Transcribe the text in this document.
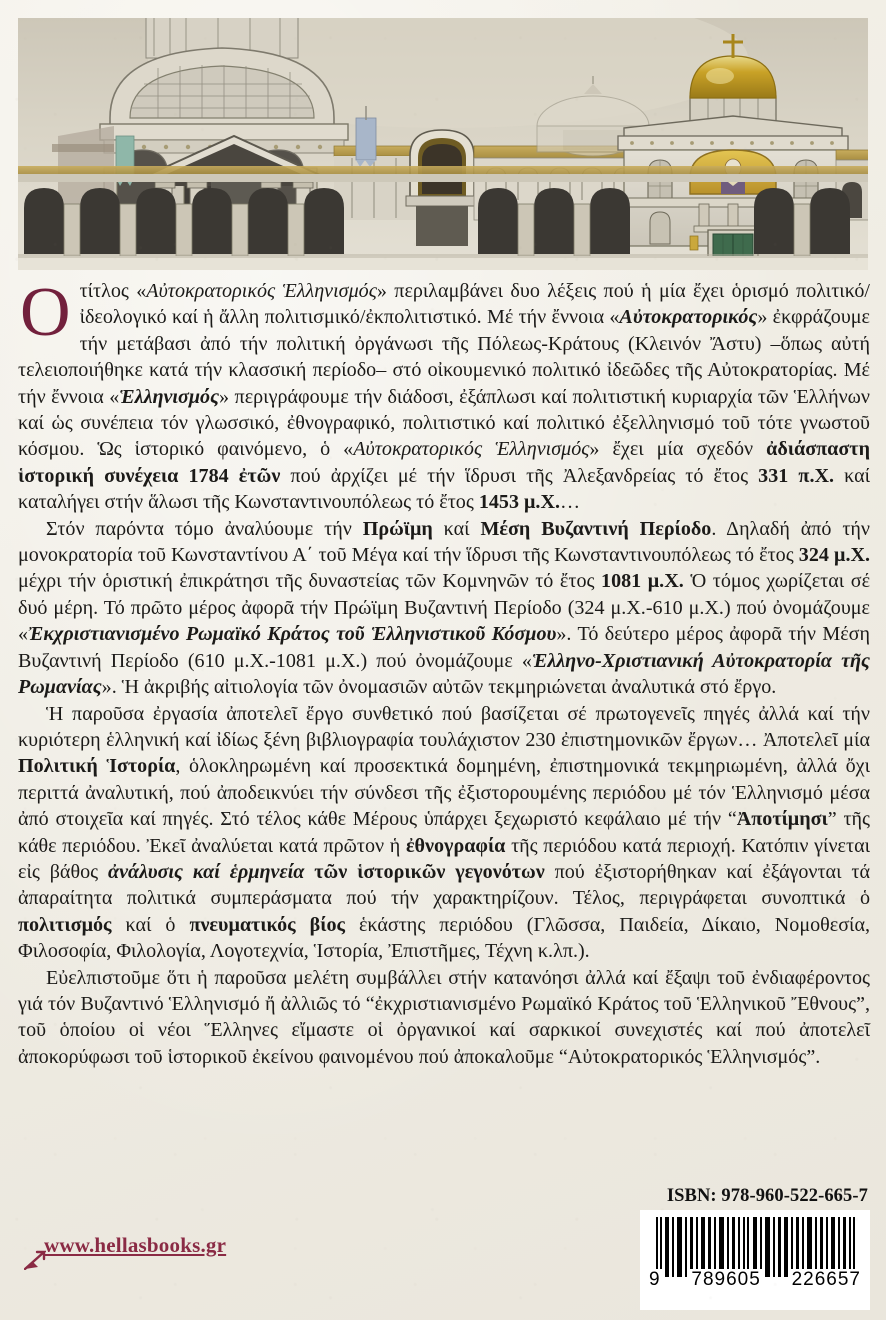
Οτίτλος «Αὐτοκρατορικός Ἑλληνισμός» περιλαμβάνει δυο λέξεις πού ἡ μία ἔχει ὁρισμό πολιτικό/ἰδεολογικό καί ἡ ἄλλη πολιτισμικό/ἐκπολιτιστικό. Μέ τήν ἔννοια «Αὐτοκρατορικός» ἐκφράζουμε τήν μετάβασι ἀπό τήν πολιτική ὀργάνωσι τῆς Πόλεως-Κράτους (Κλεινόν Ἄστυ) –ὅπως αὐτή τελειοποιήθηκε κατά τήν κλασσική περίοδο– στό οἰκουμενικό πολιτικό ἰδεῶδες τῆς Αὐτοκρατορίας. Μέ τήν ἔννοια «Ἑλληνισμός» περιγράφουμε τήν διάδοσι, ἐξάπλωσι καί πολιτιστική κυριαρχία τῶν Ἑλλήνων καί ὡς συνέπεια τόν γλωσσικό, ἐθνογραφικό, πολιτιστικό καί πολιτικό ἐξελληνισμό τοῦ τότε γνωστοῦ κόσμου. Ὡς ἱστορικό φαινόμενο, ὁ «Αὐτοκρατορικός Ἑλληνισμός» ἔχει μία σχεδόν ἀδιάσπαστη ἱστορική συνέχεια 1784 ἐτῶν πού ἀρχίζει μέ τήν ἵδρυσι τῆς Ἀλεξανδρείας τό ἔτος 331 π.Χ. καί καταλήγει στήν ἅλωσι τῆς Κωνσταντινουπόλεως τό ἔτος 1453 μ.Χ.…

Στόν παρόντα τόμο ἀναλύουμε τήν Πρώϊμη καί Μέση Βυζαντινή Περίοδο. Δηλαδή ἀπό τήν μονοκρατορία τοῦ Κωνσταντίνου Α΄ τοῦ Μέγα καί τήν ἵδρυσι τῆς Κωνσταντινουπόλεως τό ἔτος 324 μ.Χ. μέχρι τήν ὁριστική ἐπικράτησι τῆς δυναστείας τῶν Κομνηνῶν τό ἔτος 1081 μ.Χ. Ὁ τόμος χωρίζεται σέ δυό μέρη. Τό πρῶτο μέρος ἀφορᾶ τήν Πρώϊμη Βυζαντινή Περίοδο (324 μ.Χ.-610 μ.Χ.) πού ὀνομάζουμε «Ἐκχριστιανισμένο Ρωμαϊκό Κράτος τοῦ Ἑλληνιστικοῦ Κόσμου». Τό δεύτερο μέρος ἀφορᾶ τήν Μέση Βυζαντινή Περίοδο (610 μ.Χ.-1081 μ.Χ.) πού ὀνομάζουμε «Ἑλληνο-Χριστιανική Αὐτοκρατορία τῆς Ρωμανίας». Ἡ ἀκριβής αἰτιολογία τῶν ὀνομασιῶν αὐτῶν τεκμηριώνεται ἀναλυτικά στό ἔργο.

Ἡ παροῦσα ἐργασία ἀποτελεῖ ἔργο συνθετικό πού βασίζεται σέ πρωτογενεῖς πηγές ἀλλά καί τήν κυριότερη ἑλληνική καί ἰδίως ξένη βιβλιογραφία τουλάχιστον 230 ἐπιστημονικῶν ἔργων… Ἀποτελεῖ μία Πολιτική Ἱστορία, ὁλοκληρωμένη καί προσεκτικά δομημένη, ἐπιστημονικά τεκμηριωμένη, ἀλλά ὄχι περιττά ἀναλυτική, πού ἀποδεικνύει τήν σύνδεσι τῆς ἐξιστορουμένης περιόδου μέ τόν Ἑλληνισμό μέσα ἀπό στοιχεῖα καί πηγές. Στό τέλος κάθε Μέρους ὑπάρχει ξεχωριστό κεφάλαιο μέ τήν “Ἀποτίμησι” τῆς κάθε περιόδου. Ἐκεῖ ἀναλύεται κατά πρῶτον ἡ ἐθνογραφία τῆς περιόδου κατά περιοχή. Κατόπιν γίνεται εἰς βάθος ἀνάλυσις καί ἑρμηνεία τῶν ἱστορικῶν γεγονότων πού ἐξιστορήθηκαν καί ἐξάγονται τά ἀπαραίτητα πολιτικά συμπεράσματα πού τήν χαρακτηρίζουν. Τέλος, περιγράφεται συνοπτικά ὁ πολιτισμός καί ὁ πνευματικός βίος ἑκάστης περιόδου (Γλῶσσα, Παιδεία, Δίκαιο, Νομοθεσία, Φιλοσοφία, Φιλολογία, Λογοτεχνία, Ἱστορία, Ἐπιστῆμες, Τέχνη κ.λπ.).

Εὐελπιστοῦμε ὅτι ἡ παροῦσα μελέτη συμβάλλει στήν κατανόησι ἀλλά καί ἔξαψι τοῦ ἐνδιαφέροντος γιά τόν Βυζαντινό Ἑλληνισμό ἤ ἀλλιῶς τό “ἐκχριστιανισμένο Ρωμαϊκό Κράτος τοῦ Ἑλληνικοῦ Ἔθνους”, τοῦ ὁποίου οἱ νέοι Ἕλληνες εἴμαστε οἱ ὀργανικοί καί σαρκικοί συνεχιστές καί πού ἀποτελεῖ ἀποκορύφωσι τοῦ ἱστορικοῦ ἐκείνου φαινομένου πού ἀποκαλοῦμε “Αὐτοκρατορικός Ἑλληνισμός”.

www.hellasbooks.gr
ISBN: 978-960-522-665-7
9 789605 226657
